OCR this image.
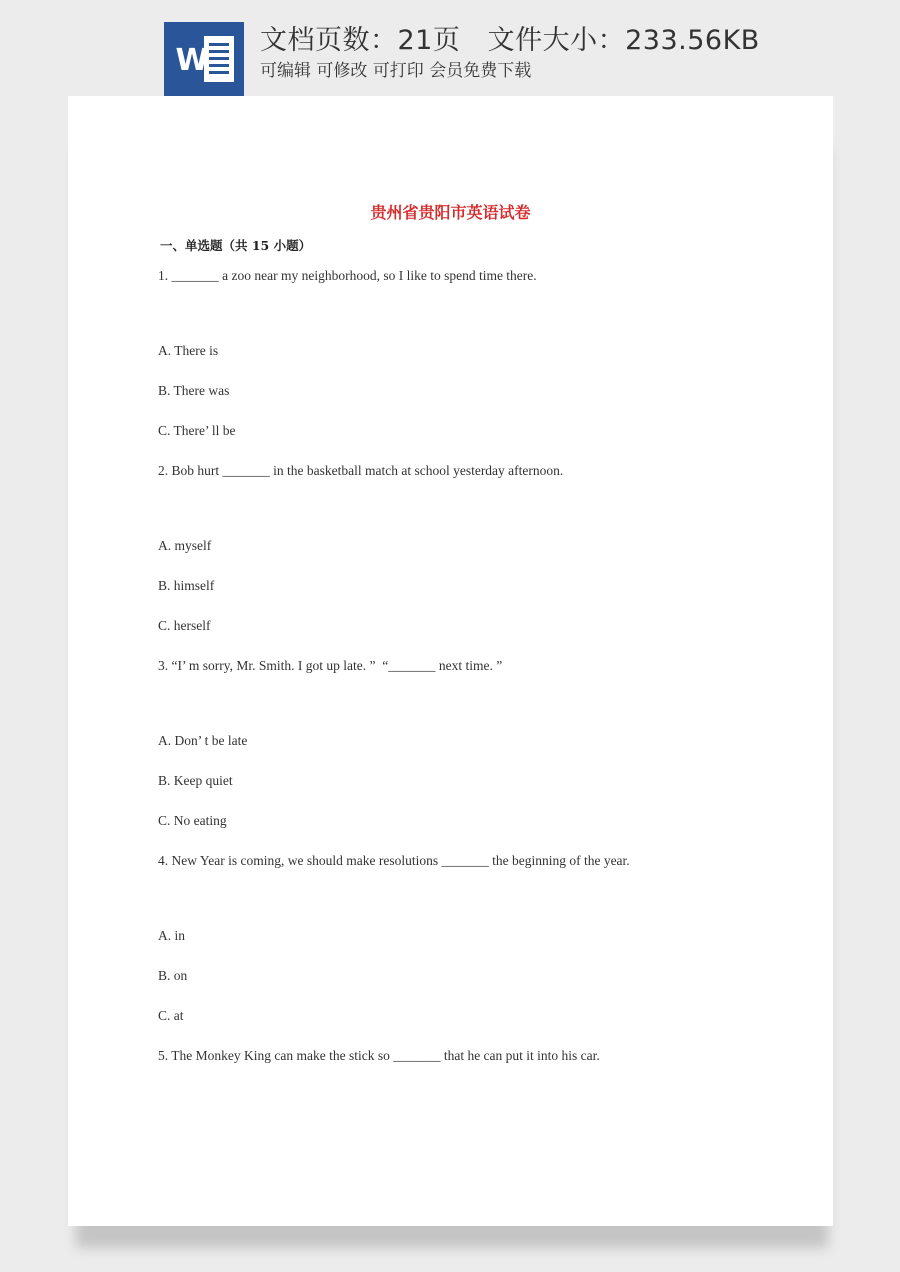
W
文档页数：21页   文件大小：233.56KB
可编辑 可修改 可打印 会员免费下载
贵州省贵阳市英语试卷
一、单选题（共 15 小题）
1. _______ a zoo near my neighborhood, so I like to spend time there.
A. There is
B. There was
C. There’ ll be
2. Bob hurt _______ in the basketball match at school yesterday afternoon.
A. myself
B. himself
C. herself
3. “I’ m sorry, Mr. Smith. I got up late. ”  “_______ next time. ”
A. Don’ t be late
B. Keep quiet
C. No eating
4. New Year is coming, we should make resolutions _______ the beginning of the year.
A. in
B. on
C. at
5. The Monkey King can make the stick so _______ that he can put it into his car.
